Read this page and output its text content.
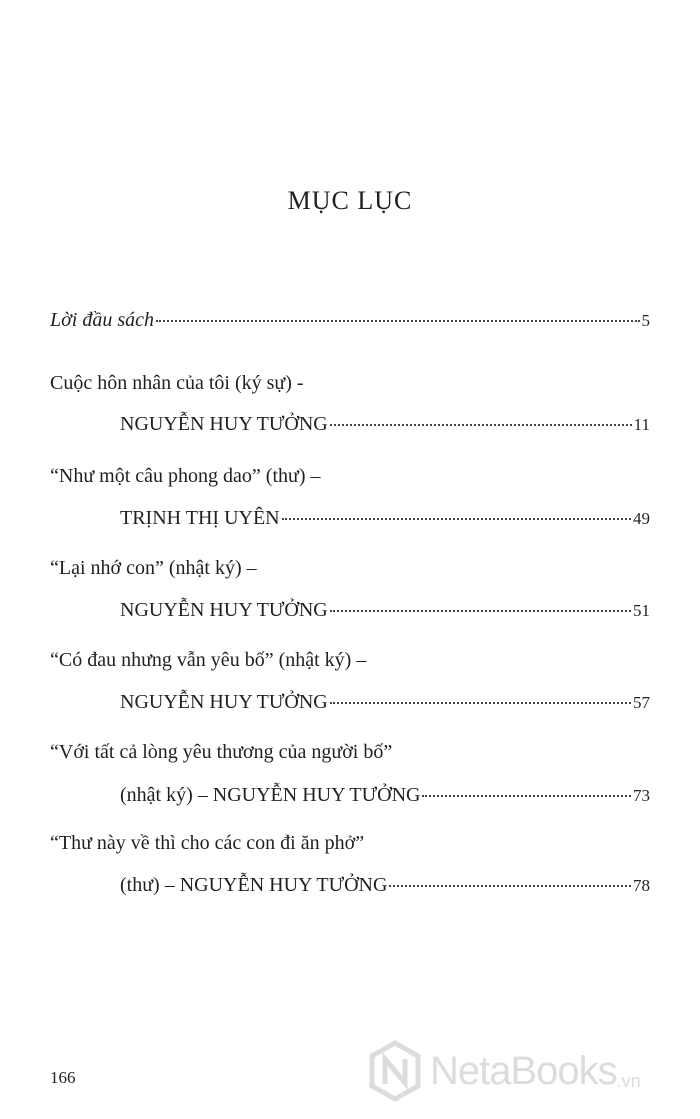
MỤC LỤC
Lời đầu sách	5
Cuộc hôn nhân của tôi (ký sự) -
NGUYỄN HUY TƯỞNG	11
“Như một câu phong dao” (thư) –
TRỊNH THỊ UYÊN	49
“Lại nhớ con” (nhật ký) –
NGUYỄN HUY TƯỞNG	51
“Có đau nhưng vẫn yêu bố” (nhật ký) –
NGUYỄN HUY TƯỞNG	57
“Với tất cả lòng yêu thương của người bố”
(nhật ký) – NGUYỄN HUY TƯỞNG	73
“Thư này về thì cho các con đi ăn phở”
(thư) – NGUYỄN HUY TƯỞNG	78
166	NetaBooks .vn
